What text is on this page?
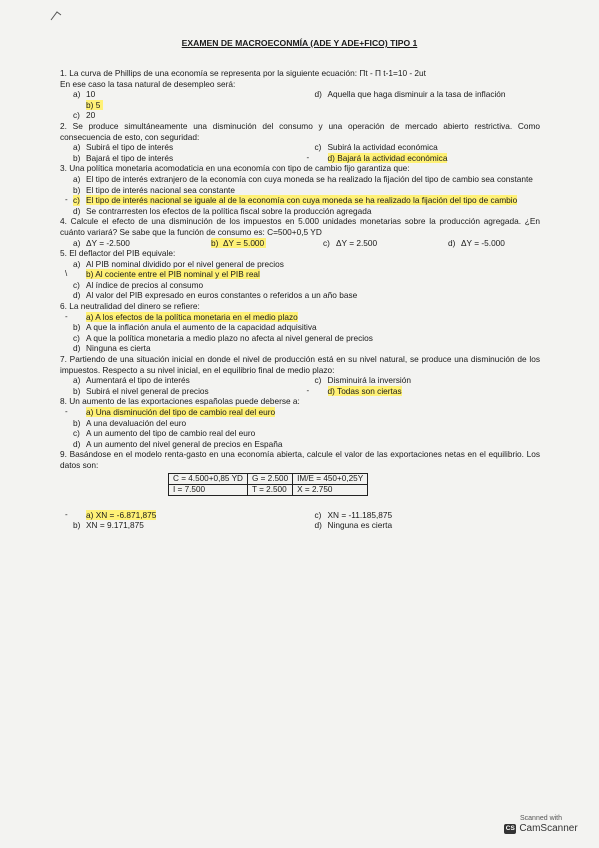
EXAMEN DE MACROECONMÍA (ADE Y ADE+FICO) TIPO 1
1. La curva de Phillips de una economía se representa por la siguiente ecuación: Πt - Π t-1=10 - 2ut
En ese caso la tasa natural de desempleo será:
a) 10	d) Aquella que haga disminuir a la tasa de inflación
b) 5
c) 20
2. Se produce simultáneamente una disminución del consumo y una operación de mercado abierto restrictiva. Como consecuencia de esto, con seguridad:
a) Subirá el tipo de interés	c) Subirá la actividad económica
b) Bajará el tipo de interés	- d) Bajará la actividad económica
3. Una política monetaria acomodaticia en una economía con tipo de cambio fijo garantiza que:
a) El tipo de interés extranjero de la economía con cuya moneda se ha realizado la fijación del tipo de cambio sea constante
b) El tipo de interés nacional sea constante
- c) El tipo de interés nacional se iguale al de la economía con cuya moneda se ha realizado la fijación del tipo de cambio
d) Se contrarresten los efectos de la política fiscal sobre la producción agregada
4. Calcule el efecto de una disminución de los impuestos en 5.000 unidades monetarias sobre la producción agregada. ¿En cuánto variará? Se sabe que la función de consumo es: C=500+0,5 YD
a) ΔY = -2.500	b) ΔY = 5.000	c) ΔY = 2.500	d) ΔY = -5.000
5. El deflactor del PIB equivale:
a) Al PIB nominal dividido por el nivel general de precios
\ b) Al cociente entre el PIB nominal y el PIB real
c) Al índice de precios al consumo
d) Al valor del PIB expresado en euros constantes o referidos a un año base
6. La neutralidad del dinero se refiere:
- a) A los efectos de la política monetaria en el medio plazo
b) A que la inflación anula el aumento de la capacidad adquisitiva
c) A que la política monetaria a medio plazo no afecta al nivel general de precios
d) Ninguna es cierta
7. Partiendo de una situación inicial en donde el nivel de producción está en su nivel natural, se produce una disminución de los impuestos. Respecto a su nivel inicial, en el equilibrio final de medio plazo:
a) Aumentará el tipo de interés	c) Disminuirá la inversión
b) Subirá el nivel general de precios	- d) Todas son ciertas
8. Un aumento de las exportaciones españolas puede deberse a:
- a) Una disminución del tipo de cambio real del euro
b) A una devaluación del euro
c) A un aumento del tipo de cambio real del euro
d) A un aumento del nivel general de precios en España
9. Basándose en el modelo renta-gasto en una economía abierta, calcule el valor de las exportaciones netas en el equilibrio. Los datos son:
C = 4.500+0,85 YD	G = 2.500	IM/E = 450+0,25Y
I = 7.500	T = 2.500	X = 2.750
- a) XN = -6.871,875	c) XN = -11.185,875
b) XN = 9.171,875	d) Ninguna es cierta
Scanned with
CS CamScanner
